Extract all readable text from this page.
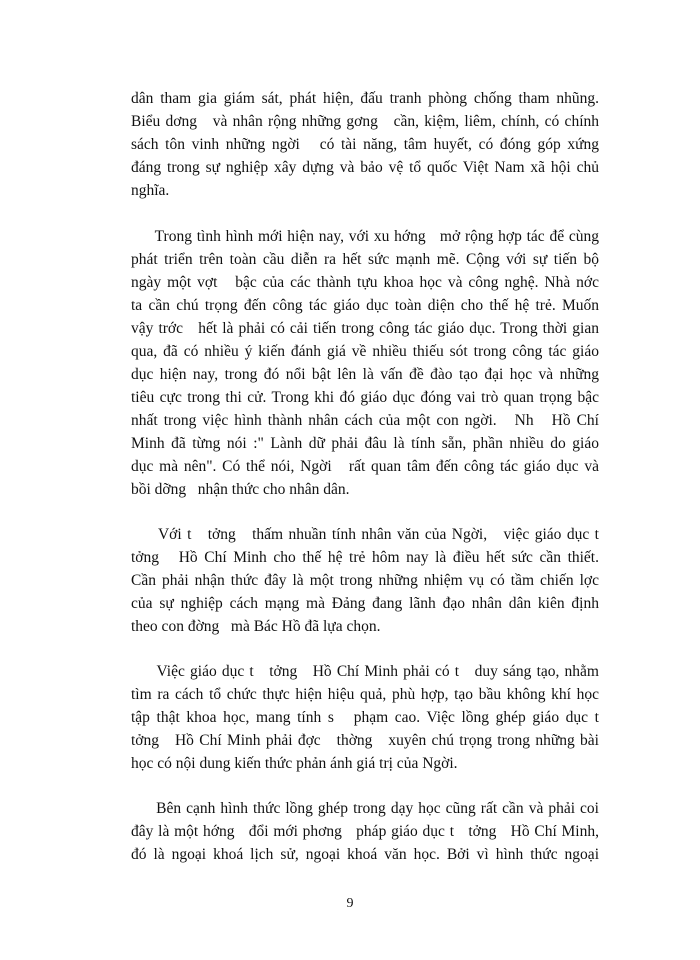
dân tham gia giám sát, phát hiện, đấu tranh phòng chống tham nhũng.
Biểu dơng   và nhân rộng những gơng   cần, kiệm, liêm, chính, có chính
sách tôn vinh những ngời   có tài năng, tâm huyết, có đóng góp xứng
đáng trong sự nghiệp xây dựng và bảo vệ tổ quốc Việt Nam xã hội chủ
nghĩa.
Trong tình hình mới hiện nay, với xu hớng   mở rộng hợp tác để cùng
phát triển trên toàn cầu diễn ra hết sức mạnh mẽ. Cộng với sự tiến bộ
ngày một vợt   bậc của các thành tựu khoa học và công nghệ. Nhà nớc
ta cần chú trọng đến công tác giáo dục toàn diện cho thế hệ trẻ. Muốn
vậy trớc   hết là phải có cải tiến trong công tác giáo dục. Trong thời gian
qua, đã có nhiều ý kiến đánh giá về nhiều thiếu sót trong công tác giáo
dục hiện nay, trong đó nổi bật lên là vấn đề đào tạo đại học và những
tiêu cực trong thi cử. Trong khi đó giáo dục đóng vai trò quan trọng bậc
nhất trong việc hình thành nhân cách của một con ngời.   Nh   Hồ Chí
Minh đã từng nói :" Lành dữ phải đâu là tính sẵn, phần nhiều do giáo
dục mà nên". Có thể nói, Ngời   rất quan tâm đến công tác giáo dục và
bồi dỡng   nhận thức cho nhân dân.
Với t   tởng   thấm nhuần tính nhân văn của Ngời,   việc giáo dục t
tởng   Hồ Chí Minh cho thế hệ trẻ hôm nay là điều hết sức cần thiết.
Cần phải nhận thức đây là một trong những nhiệm vụ có tầm chiến lợc
của sự nghiệp cách mạng mà Đảng đang lãnh đạo nhân dân kiên định
theo con đờng   mà Bác Hồ đã lựa chọn.
Việc giáo dục t   tởng   Hồ Chí Minh phải có t   duy sáng tạo, nhằm
tìm ra cách tổ chức thực hiện hiệu quả, phù hợp, tạo bầu không khí học
tập thật khoa học, mang tính s   phạm cao. Việc lồng ghép giáo dục t
tởng   Hồ Chí Minh phải đợc   thờng   xuyên chú trọng trong những bài
học có nội dung kiến thức phản ánh giá trị của Ngời.
Bên cạnh hình thức lồng ghép trong dạy học cũng rất cần và phải coi
đây là một hớng   đổi mới phơng   pháp giáo dục t   tởng   Hồ Chí Minh,
đó là ngoại khoá lịch sử, ngoại khoá văn học. Bởi vì hình thức ngoại
9
